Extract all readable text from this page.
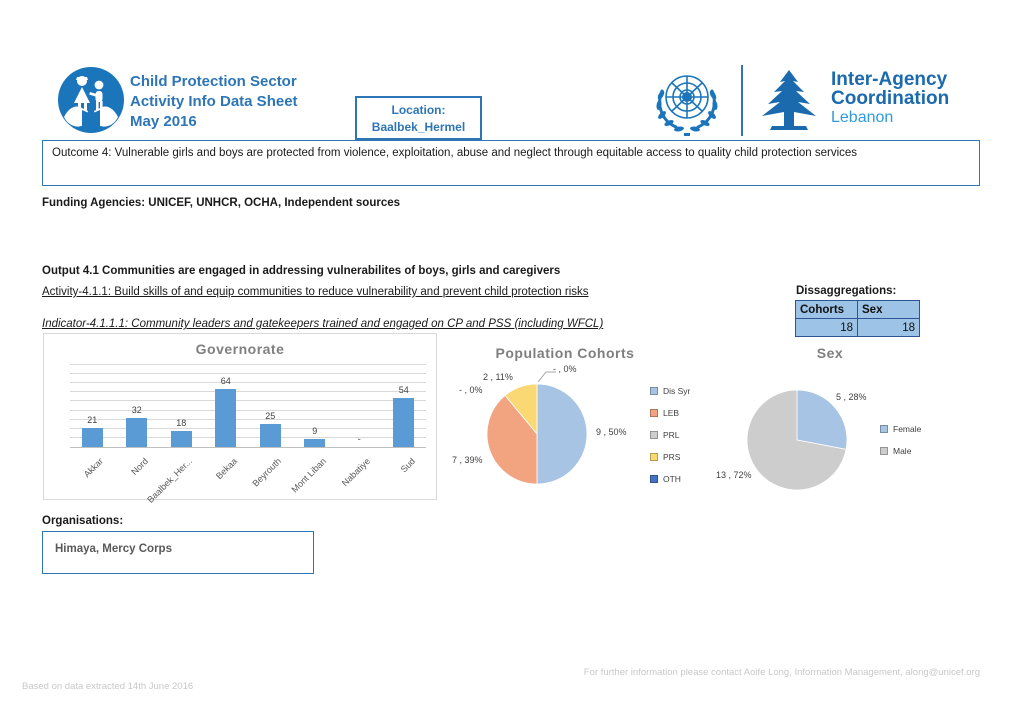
Child Protection Sector
Activity Info Data Sheet
May 2016
Location:
Baalbek_Hermel
Inter-Agency
Coordination
Lebanon
Outcome 4: Vulnerable girls and boys are protected from violence, exploitation, abuse and neglect through equitable access to quality child protection services
Funding Agencies: UNICEF, UNHCR, OCHA, Independent sources
Output 4.1 Communities are engaged in addressing vulnerabilites of boys, girls and caregivers
Activity-4.1.1: Build skills of and equip communities to reduce vulnerability and prevent child protection risks
Indicator-4.1.1.1: Community leaders and gatekeepers trained and engaged on CP and PSS (including WFCL)
Dissaggregations:
Cohorts	Sex
18	18
Governorate
21
Akkar
32
Nord
18
Baalbek_Her...
64
Bekaa
25
Beyrouth
9
Mont Liban
-
Nabatiye
54
Sud
Population Cohorts
- , 0%
2 , 11%
- , 0%
9 , 50%
7 , 39%
Dis Syr
LEB
PRL
PRS
OTH
Sex
5 , 28%
13 , 72%
Female
Male
Organisations:
Himaya, Mercy Corps
For further information please contact Aoife Long, Information Management, along@unicef.org
Based on data extracted 14th June 2016
